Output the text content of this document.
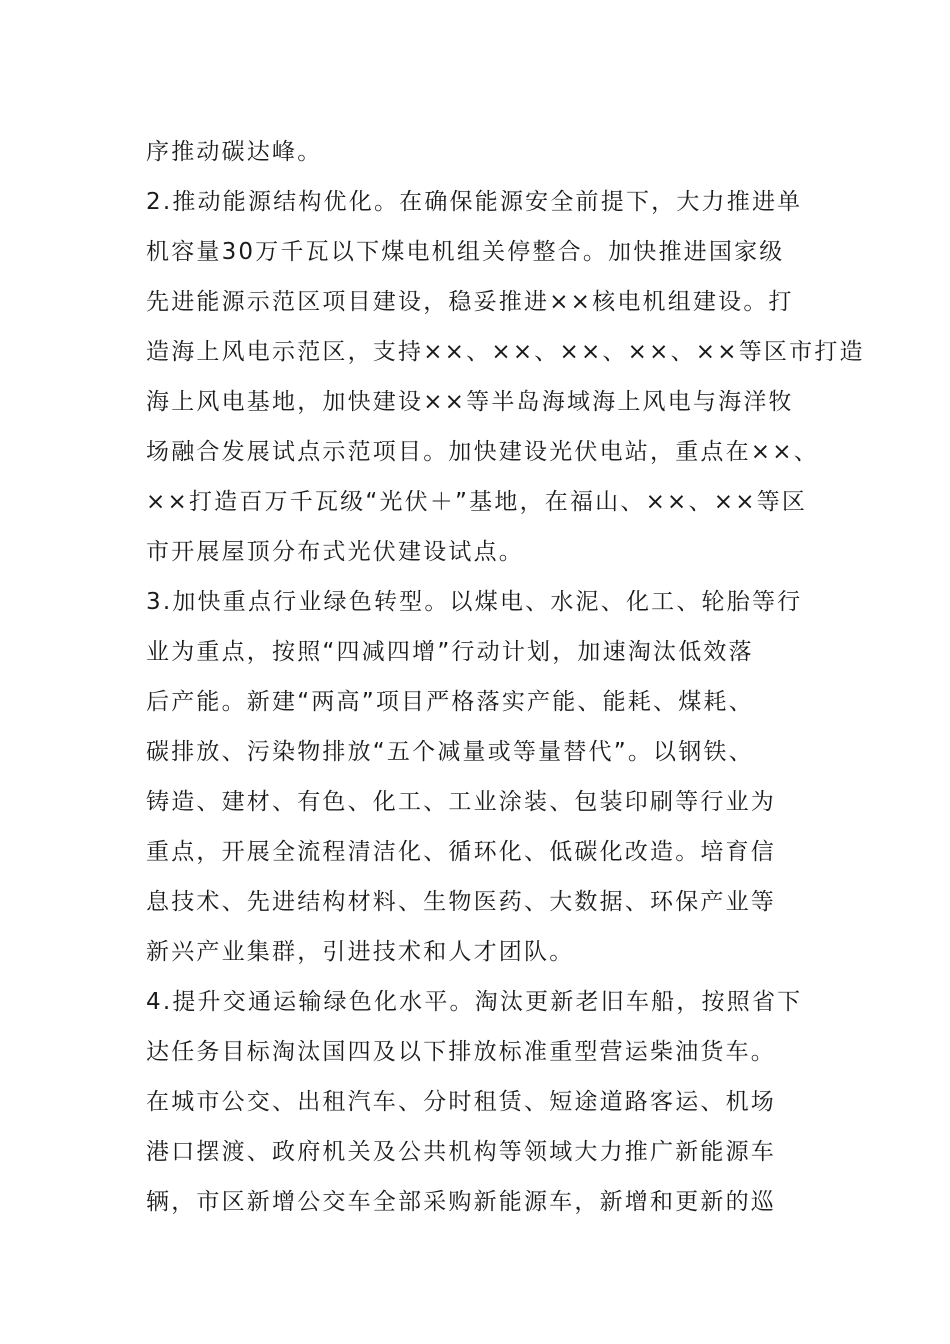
序推动碳达峰。
2.推动能源结构优化。在确保能源安全前提下，大力推进单
机容量30万千瓦以下煤电机组关停整合。加快推进国家级
先进能源示范区项目建设，稳妥推进××核电机组建设。打
造海上风电示范区，支持××、××、××、××、××等区市打造
海上风电基地，加快建设××等半岛海域海上风电与海洋牧
场融合发展试点示范项目。加快建设光伏电站，重点在××、
××打造百万千瓦级“光伏＋”基地，在福山、××、××等区
市开展屋顶分布式光伏建设试点。
3.加快重点行业绿色转型。以煤电、水泥、化工、轮胎等行
业为重点，按照“四减四增”行动计划，加速淘汰低效落
后产能。新建“两高”项目严格落实产能、能耗、煤耗、
碳排放、污染物排放“五个减量或等量替代”。以钢铁、
铸造、建材、有色、化工、工业涂装、包装印刷等行业为
重点，开展全流程清洁化、循环化、低碳化改造。培育信
息技术、先进结构材料、生物医药、大数据、环保产业等
新兴产业集群，引进技术和人才团队。
4.提升交通运输绿色化水平。淘汰更新老旧车船，按照省下
达任务目标淘汰国四及以下排放标准重型营运柴油货车。
在城市公交、出租汽车、分时租赁、短途道路客运、机场
港口摆渡、政府机关及公共机构等领域大力推广新能源车
辆，市区新增公交车全部采购新能源车，新增和更新的巡
